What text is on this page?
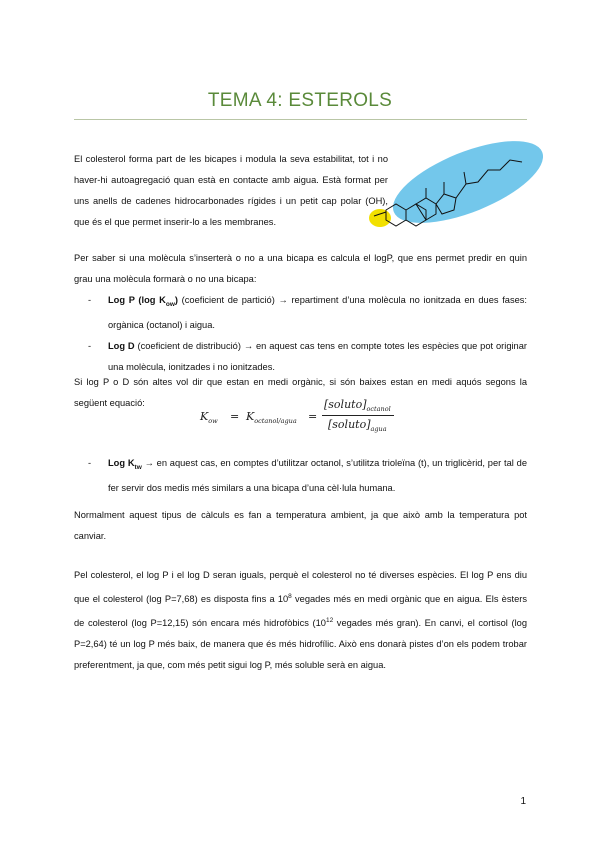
TEMA 4: ESTEROLS
El colesterol forma part de les bicapes i modula la seva estabilitat, tot i no haver-hi autoagregació quan està en contacte amb aigua. Està format per uns anells de cadenes hidrocarbonades rígides i un petit cap polar (OH), que és el que permet inserir-lo a les membranes.
Per saber si una molècula s’inserterà o no a una bicapa es calcula el logP, que ens permet predir en quin grau una molècula formarà o no una bicapa:
- Log P (log $K_{ow}$) (coeficient de partició) → repartiment d’una molècula no ionitzada en dues fases: orgànica (octanol) i aigua.
- Log D (coeficient de distribució) → en aquest cas tens en compte totes les espècies que pot originar una molècula, ionitzades i no ionitzades.
Si log P o D són altes vol dir que estan en medi orgànic, si són baixes estan en medi aquós segons la següent equació:
$K_{ow} = K_{octanol/agua}$ =
$[soluto]_{octanol}$
$[soluto]_{agua}$
- Log $K_{tw}$ → en aquest cas, en comptes d’utilitzar octanol, s’utilitza trioleïna (t), un triglicèrid, per tal de fer servir dos medis més similars a una bicapa d’una cèl·lula humana.
Normalment aquest tipus de càlculs es fan a temperatura ambient, ja que això amb la temperatura pot canviar.
Pel colesterol, el log P i el log D seran iguals, perquè el colesterol no té diverses espècies. El log P ens diu que el colesterol (log P=7,68) es disposta fins a $10^8$ vegades més en medi orgànic que en aigua. Els èsters de colesterol (log P=12,15) són encara més hidrofòbics ($10^{12}$ vegades més gran). En canvi, el cortisol (log P=2,64) té un log P més baix, de manera que és més hidrofílic. Això ens donarà pistes d’on els podem trobar preferentment, ja que, com més petit sigui log P, més soluble serà en aigua.
1
